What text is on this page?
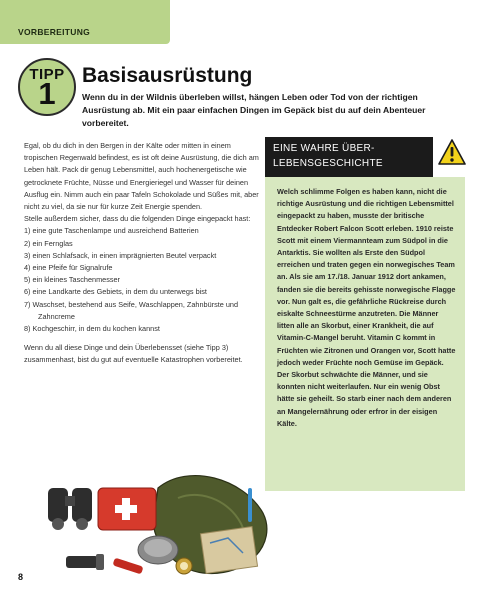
VORBEREITUNG
TIPP
1
Basisausrüstung

Wenn du in der Wildnis überleben willst, hängen Leben oder Tod von der richtigen Ausrüstung ab. Mit ein paar einfachen Dingen im Gepäck bist du auf dein Abenteuer vorbereitet.

Egal, ob du dich in den Bergen in der Kälte oder mitten in einem tropischen Regenwald befindest, es ist oft deine Ausrüstung, die dich am Leben hält. Pack dir genug Lebensmittel, auch hochenergetische wie getrocknete Früchte, Nüsse und Energieriegel und Wasser für deinen Ausflug ein. Nimm auch ein paar Tafeln Schokolade und Süßes mit, aber nicht zu viel, da sie nur für kurze Zeit Energie spenden.

Stelle außerdem sicher, dass du die folgenden Dinge eingepackt hast:

1) eine gute Taschenlampe und ausreichend Batterien
2) ein Fernglas
3) einen Schlafsack, in einen imprägnierten Beutel verpackt
4) eine Pfeife für Signalrufe
5) ein kleines Taschenmesser
6) eine Landkarte des Gebiets, in dem du unterwegs bist
7) Waschset, bestehend aus Seife, Waschlappen, Zahnbürste und Zahncreme
8) Kochgeschirr, in dem du kochen kannst

Wenn du all diese Dinge und dein Überlebensset (siehe Tipp 3) zusammenhast, bist du gut auf eventuelle Katastrophen vorbereitet.

EINE WAHRE ÜBER-
LEBENSGESCHICHTE
Welch schlimme Folgen es haben kann, nicht die richtige Ausrüstung und die richtigen Lebensmittel eingepackt zu haben, musste der britische Entdecker Robert Falcon Scott erleben. 1910 reiste Scott mit einem Viermannteam zum Südpol in die Antarktis. Sie wollten als Erste den Südpol erreichen und traten gegen ein norwegisches Team an. Als sie am 17./18. Januar 1912 dort ankamen, fanden sie die bereits gehisste norwegische Flagge vor. Nun galt es, die gefährliche Rückreise durch eiskalte Schneestürme anzutreten. Die Männer litten alle an Skorbut, einer Krankheit, die auf Vitamin-C-Mangel beruht. Vitamin C kommt in Früchten wie Zitronen und Orangen vor, Scott hatte jedoch weder Früchte noch Gemüse im Gepäck. Der Skorbut schwächte die Männer, und sie konnten nicht weiterlaufen. Nur ein wenig Obst hätte sie geheilt. So starb einer nach dem anderen an Mangelernährung oder erfror in der eisigen Kälte.
8
